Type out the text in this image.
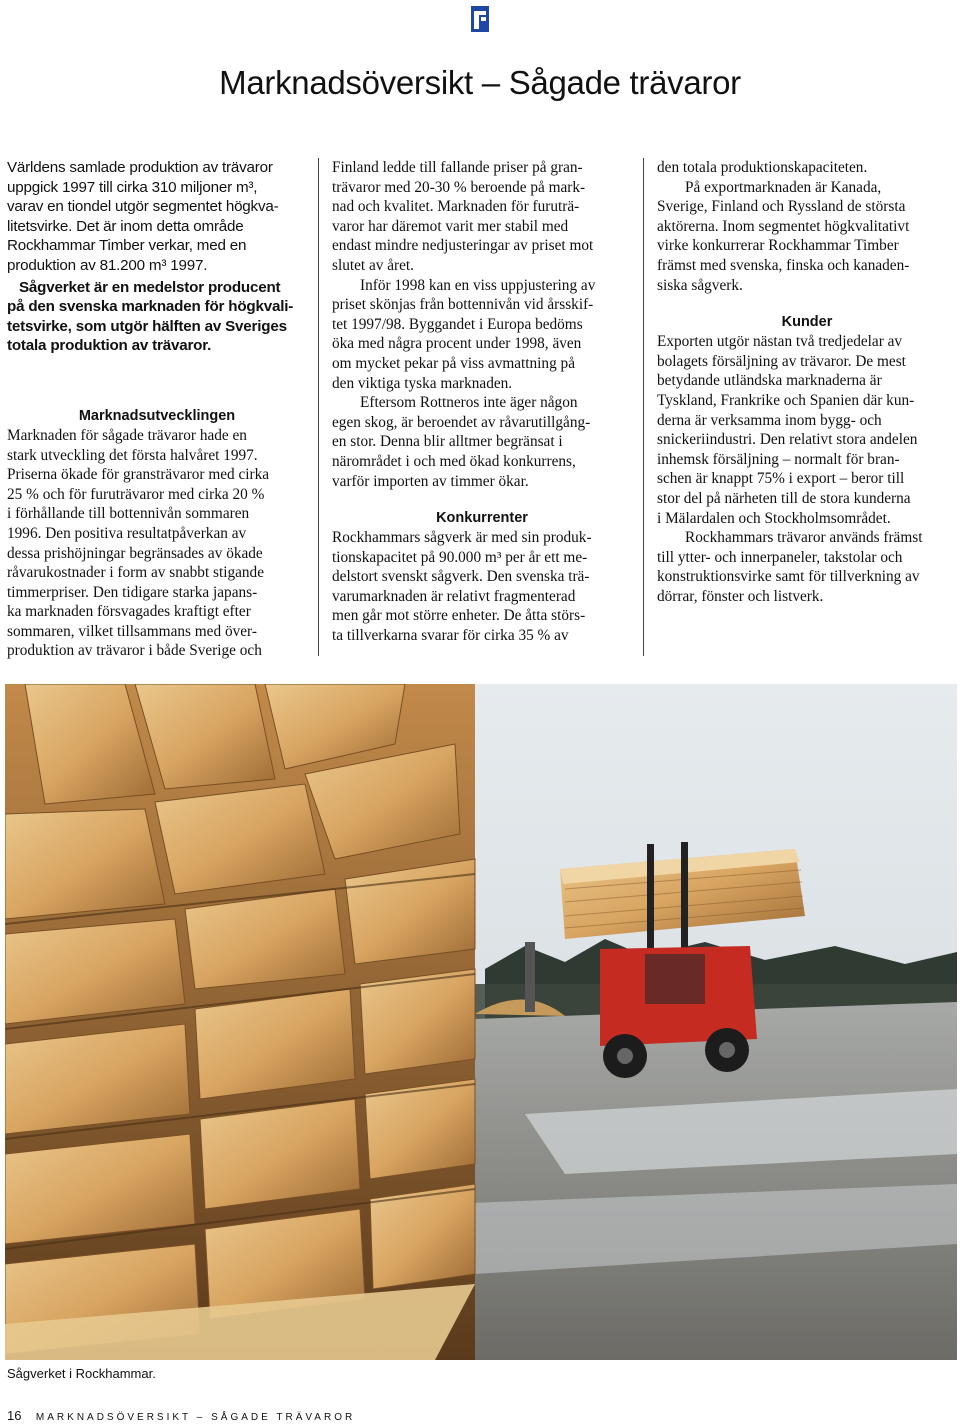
Marknadsöversikt – Sågade trävaror

Världens samlade produktion av trävaror
uppgick 1997 till cirka 310 miljoner m³,
varav en tiondel utgör segmentet högkva-
litetsvirke. Det är inom detta område
Rockhammar Timber verkar, med en
produktion av 81.200 m³ 1997.

Sågverket är en medelstor producent
på den svenska marknaden för högkvali-
tetsvirke, som utgör hälften av Sveriges
totala produktion av trävaror.

Marknadsutvecklingen

Marknaden för sågade trävaror hade en
stark utveckling det första halvåret 1997.
Priserna ökade för gransträvaror med cirka
25 % och för furuträvaror med cirka 20 %
i förhållande till bottennivån sommaren
1996. Den positiva resultatpåverkan av
dessa prishöjningar begränsades av ökade
råvarukostnader i form av snabbt stigande
timmerpriser. Den tidigare starka japans-
ka marknaden försvagades kraftigt efter
sommaren, vilket tillsammans med över-
produktion av trävaror i både Sverige och

Finland ledde till fallande priser på gran-
trävaror med 20-30 % beroende på mark-
nad och kvalitet. Marknaden för furuträ-
varor har däremot varit mer stabil med
endast mindre nedjusteringar av priset mot
slutet av året.

Inför 1998 kan en viss uppjustering av
priset skönjas från bottennivån vid årsskif-
tet 1997/98. Byggandet i Europa bedöms
öka med några procent under 1998, även
om mycket pekar på viss avmattning på
den viktiga tyska marknaden.

Eftersom Rottneros inte äger någon
egen skog, är beroendet av råvarutillgång-
en stor. Denna blir alltmer begränsat i
närområdet i och med ökad konkurrens,
varför importen av timmer ökar.

Konkurrenter

Rockhammars sågverk är med sin produk-
tionskapacitet på 90.000 m³ per år ett me-
delstort svenskt sågverk. Den svenska trä-
varumarknaden är relativt fragmenterad
men går mot större enheter. De åtta störs-
ta tillverkarna svarar för cirka 35 % av

den totala produktionskapaciteten.

På exportmarknaden är Kanada,
Sverige, Finland och Ryssland de största
aktörerna. Inom segmentet högkvalitativt
virke konkurrerar Rockhammar Timber
främst med svenska, finska och kanaden-
siska sågverk.

Kunder

Exporten utgör nästan två tredjedelar av
bolagets försäljning av trävaror. De mest
betydande utländska marknaderna är
Tyskland, Frankrike och Spanien där kun-
derna är verksamma inom bygg- och
snickeriindustri. Den relativt stora andelen
inhemsk försäljning – normalt för bran-
schen är knappt 75% i export – beror till
stor del på närheten till de stora kunderna
i Mälardalen och Stockholmsområdet.

Rockhammars trävaror används främst
till ytter- och innerpaneler, takstolar och
konstruktionsvirke samt för tillverkning av
dörrar, fönster och listverk.

Sågverket i Rockhammar.
16 MARKNADSÖVERSIKT – SÅGADE TRÄVAROR
